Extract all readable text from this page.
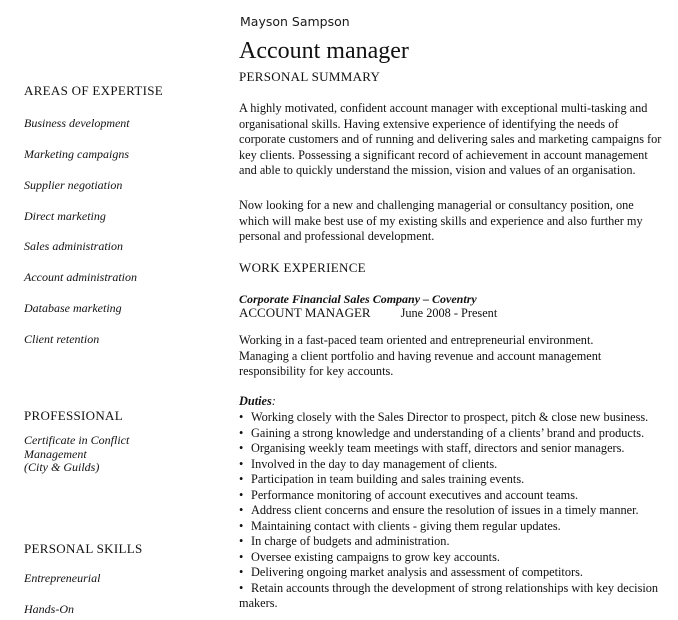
Mayson Sampson
Account manager
AREAS OF EXPERTISE
Business development
Marketing campaigns
Supplier negotiation
Direct marketing
Sales administration
Account administration
Database marketing
Client retention
PROFESSIONAL
Certificate in Conflict
Management
(City & Guilds)
PERSONAL SKILLS
Entrepreneurial
Hands-On
PERSONAL SUMMARY
A highly motivated, confident account manager with exceptional multi-tasking and organisational skills. Having extensive experience of identifying the needs of corporate customers and of running and delivering sales and marketing campaigns for key clients. Possessing a significant record of achievement in account management and able to quickly understand the mission, vision and values of an organisation.
Now looking for a new and challenging managerial or consultancy position, one which will make best use of my existing skills and experience and also further my personal and professional development.
WORK EXPERIENCE
Corporate Financial Sales Company – Coventry
ACCOUNT MANAGER June 2008 - Present
Working in a fast-paced team oriented and entrepreneurial environment. Managing a client portfolio and having revenue and account management responsibility for key accounts.
Duties:
• Working closely with the Sales Director to prospect, pitch & close new business.
• Gaining a strong knowledge and understanding of a clients’ brand and products.
• Organising weekly team meetings with staff, directors and senior managers.
• Involved in the day to day management of clients.
• Participation in team building and sales training events.
• Performance monitoring of account executives and account teams.
• Address client concerns and ensure the resolution of issues in a timely manner.
• Maintaining contact with clients - giving them regular updates.
• In charge of budgets and administration.
• Oversee existing campaigns to grow key accounts.
• Delivering ongoing market analysis and assessment of competitors.
• Retain accounts through the development of strong relationships with key decision makers.
